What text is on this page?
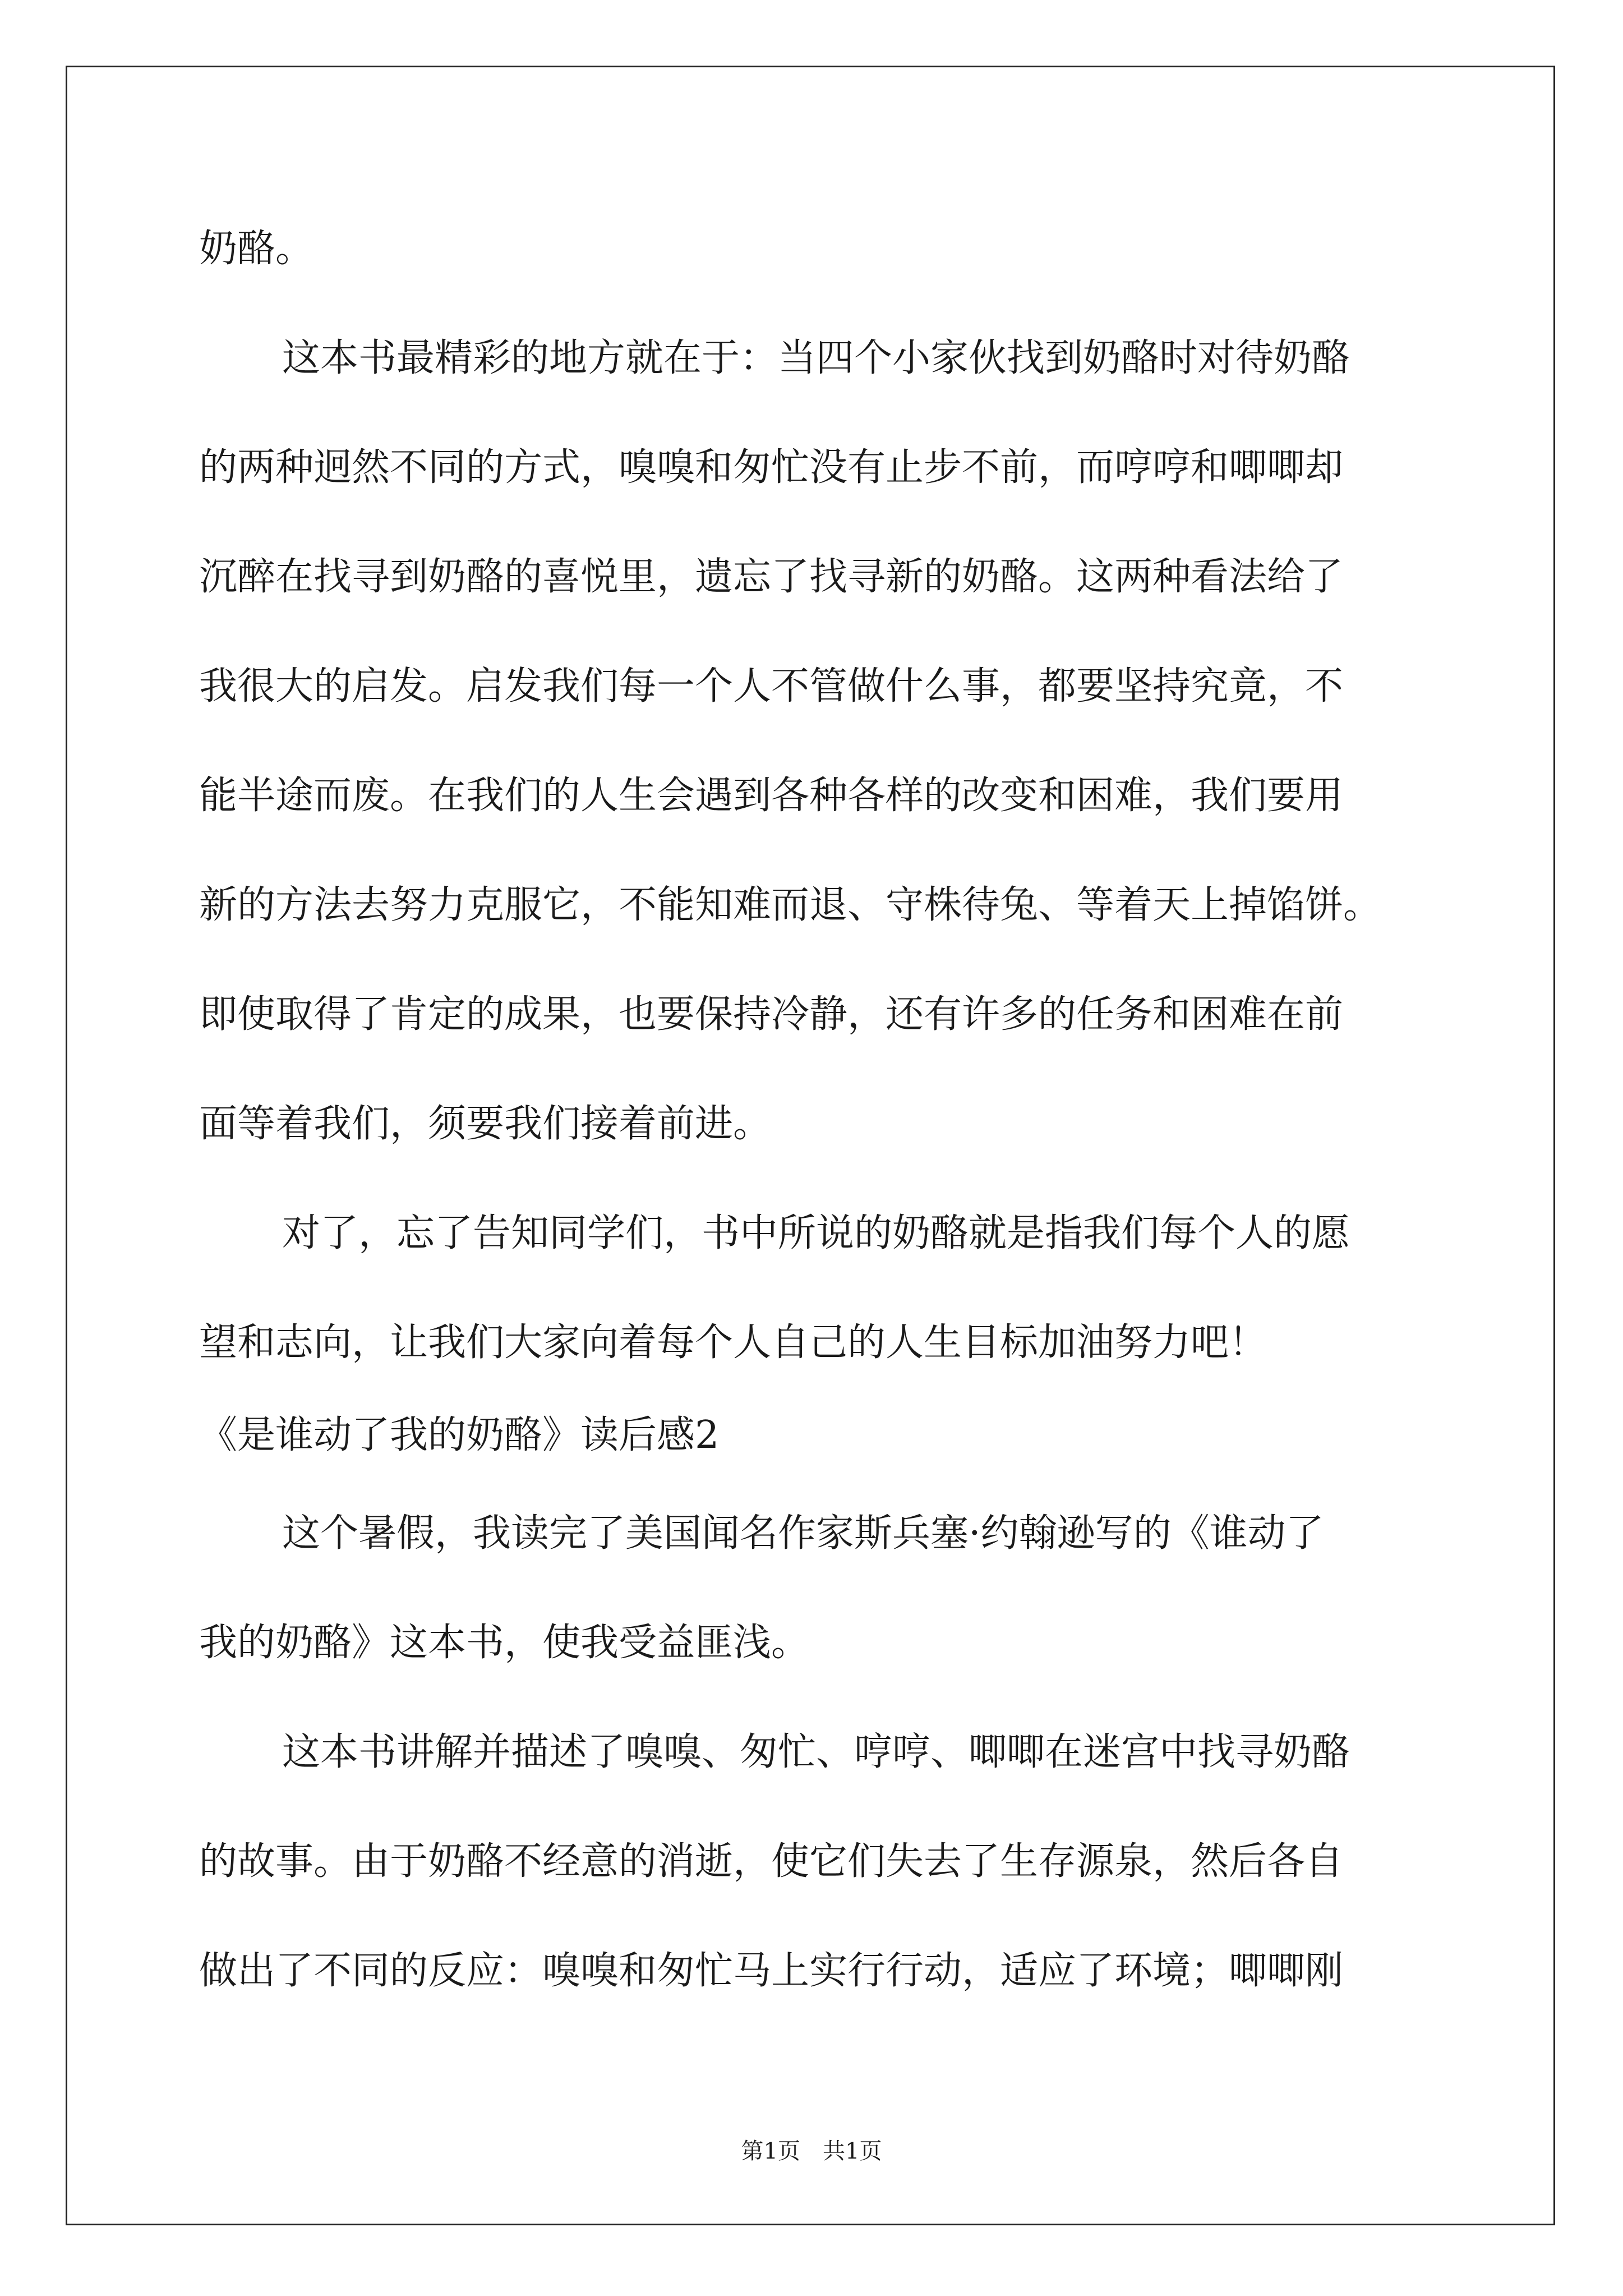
奶酪。
这本书最精彩的地方就在于：当四个小家伙找到奶酪时对待奶酪
的两种迥然不同的方式，嗅嗅和匆忙没有止步不前，而哼哼和唧唧却
沉醉在找寻到奶酪的喜悦里，遗忘了找寻新的奶酪。这两种看法给了
我很大的启发。启发我们每一个人不管做什么事，都要坚持究竟，不
能半途而废。在我们的人生会遇到各种各样的改变和困难，我们要用
新的方法去努力克服它，不能知难而退、守株待兔、等着天上掉馅饼。
即使取得了肯定的成果，也要保持冷静，还有许多的任务和困难在前
面等着我们，须要我们接着前进。
对了，忘了告知同学们，书中所说的奶酪就是指我们每个人的愿
望和志向，让我们大家向着每个人自己的人生目标加油努力吧！
《是谁动了我的奶酪》读后感2
这个暑假，我读完了美国闻名作家斯兵塞·约翰逊写的《谁动了
我的奶酪》这本书，使我受益匪浅。
这本书讲解并描述了嗅嗅、匆忙、哼哼、唧唧在迷宫中找寻奶酪
的故事。由于奶酪不经意的消逝，使它们失去了生存源泉，然后各自
做出了不同的反应：嗅嗅和匆忙马上实行行动，适应了环境；唧唧刚
第1页　共1页
